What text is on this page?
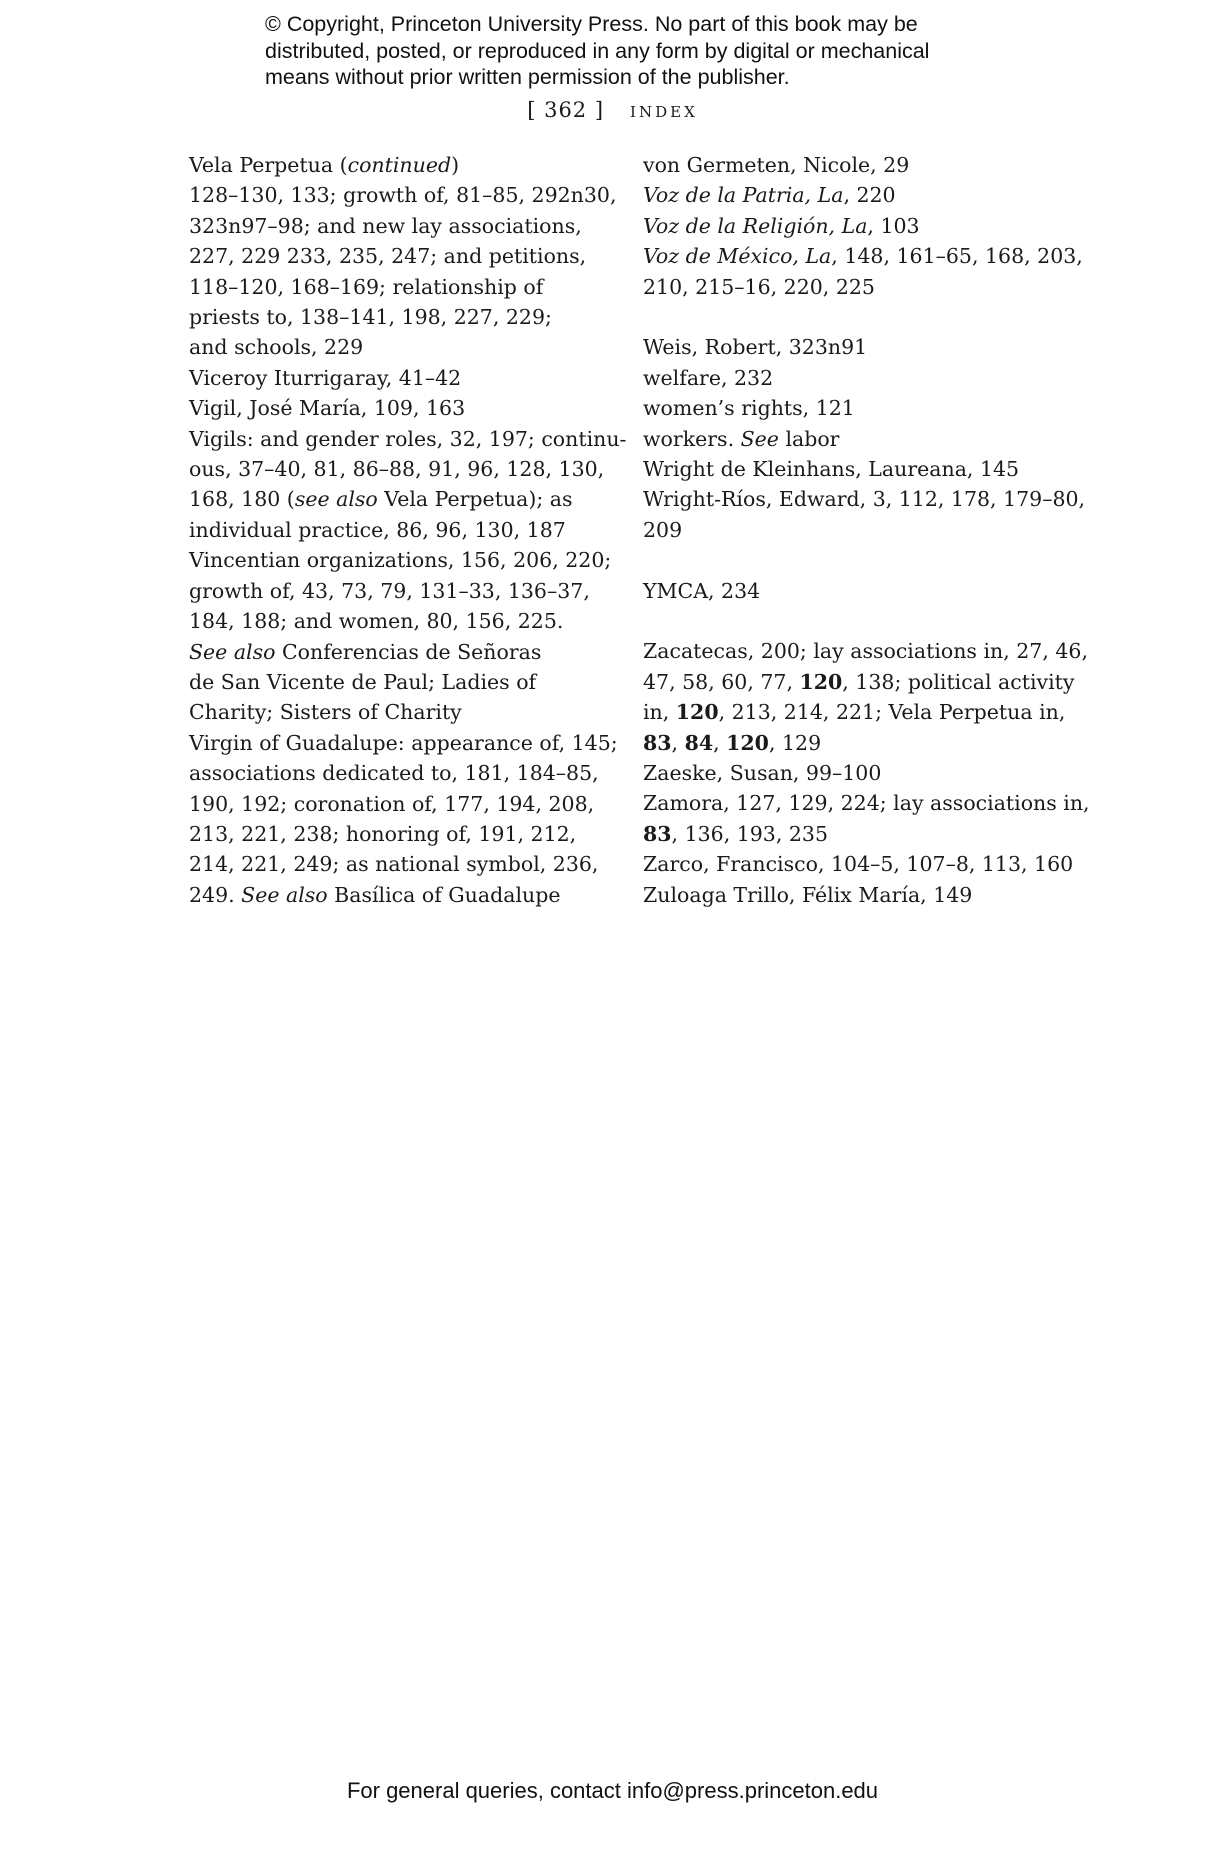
© Copyright, Princeton University Press. No part of this book may be
distributed, posted, or reproduced in any form by digital or mechanical
means without prior written permission of the publisher.
[ 362 ] index
Vela Perpetua (continued)
128–130, 133; growth of, 81–85, 292n30,
323n97–98; and new lay associations,
227, 229 233, 235, 247; and petitions,
118–120, 168–169; relationship of
priests to, 138–141, 198, 227, 229;
and schools, 229
Viceroy Iturrigaray, 41–42
Vigil, José María, 109, 163
Vigils: and gender roles, 32, 197; continu-
ous, 37–40, 81, 86–88, 91, 96, 128, 130,
168, 180 (see also Vela Perpetua); as
individual practice, 86, 96, 130, 187
Vincentian organizations, 156, 206, 220;
growth of, 43, 73, 79, 131–33, 136–37,
184, 188; and women, 80, 156, 225.
See also Conferencias de Señoras
de San Vicente de Paul; Ladies of
Charity; Sisters of Charity
Virgin of Guadalupe: appearance of, 145;
associations dedicated to, 181, 184–85,
190, 192; coronation of, 177, 194, 208,
213, 221, 238; honoring of, 191, 212,
214, 221, 249; as national symbol, 236,
249. See also Basílica of Guadalupe
von Germeten, Nicole, 29
Voz de la Patria, La, 220
Voz de la Religión, La, 103
Voz de México, La, 148, 161–65, 168, 203,
210, 215–16, 220, 225
Weis, Robert, 323n91
welfare, 232
women’s rights, 121
workers. See labor
Wright de Kleinhans, Laureana, 145
Wright-Ríos, Edward, 3, 112, 178, 179–80,
209
YMCA, 234
Zacatecas, 200; lay associations in, 27, 46,
47, 58, 60, 77, 120, 138; political activity
in, 120, 213, 214, 221; Vela Perpetua in,
83, 84, 120, 129
Zaeske, Susan, 99–100
Zamora, 127, 129, 224; lay associations in,
83, 136, 193, 235
Zarco, Francisco, 104–5, 107–8, 113, 160
Zuloaga Trillo, Félix María, 149
For general queries, contact info@press.princeton.edu
